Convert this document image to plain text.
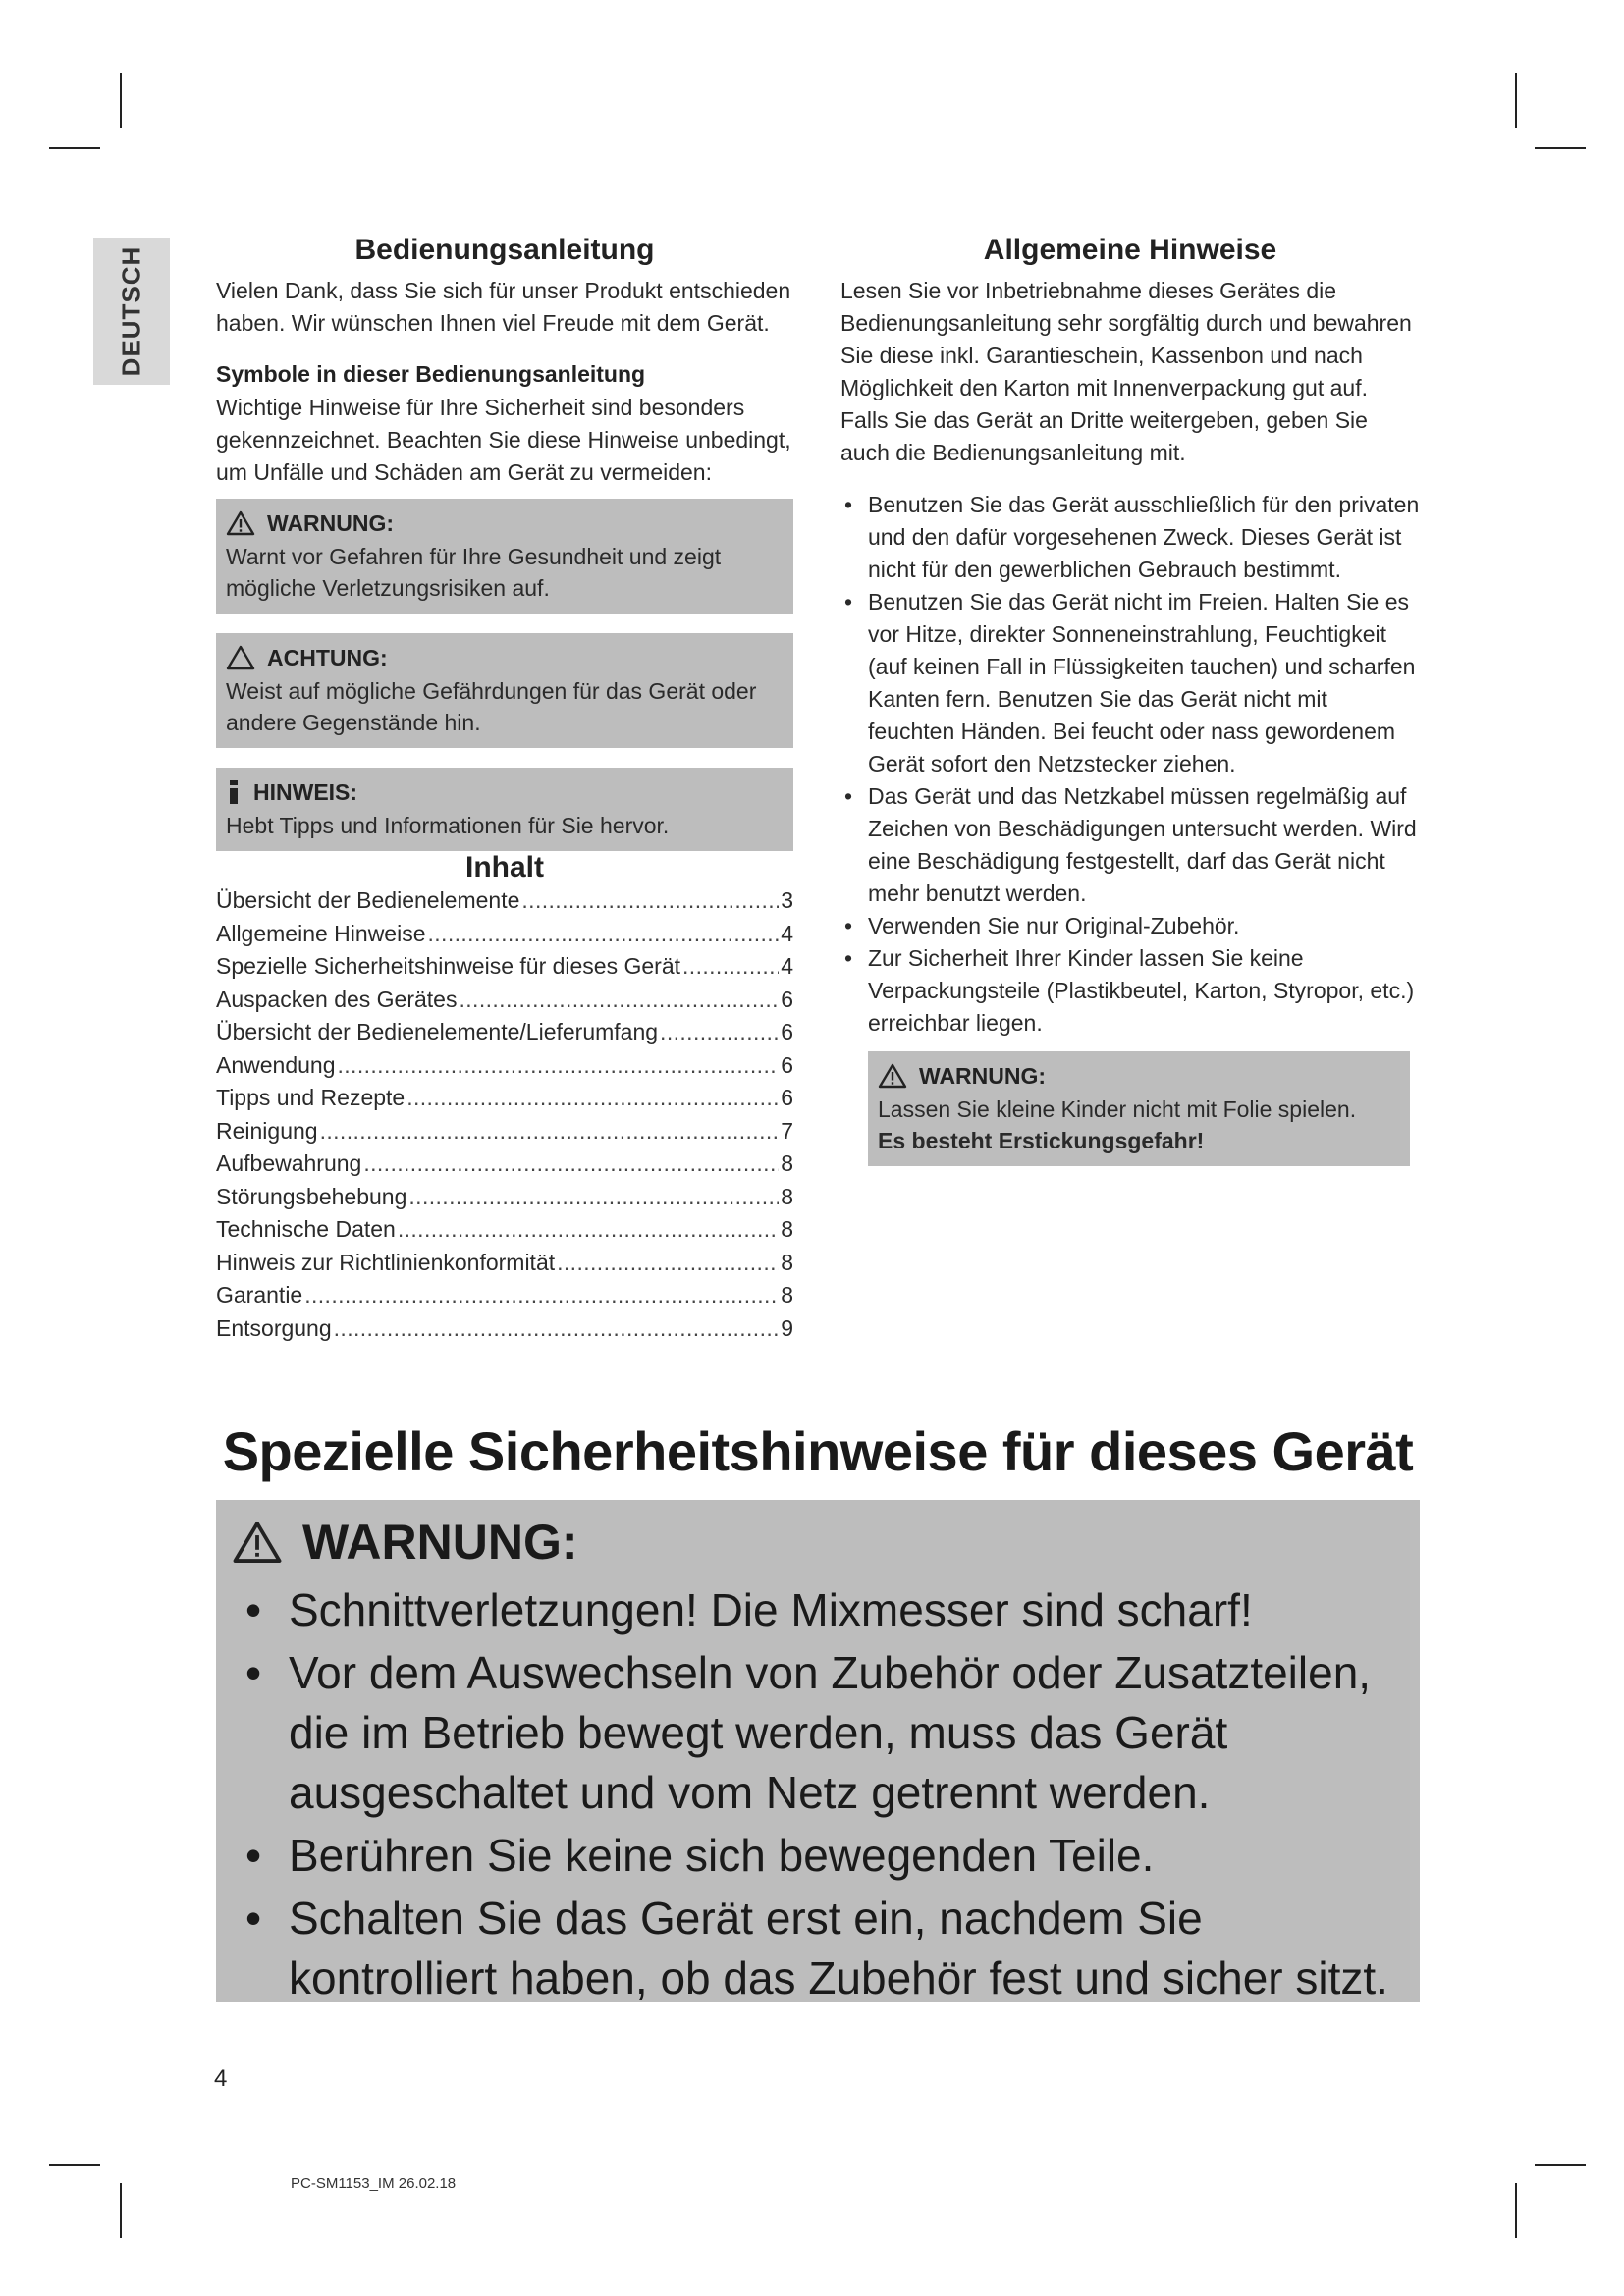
DEUTSCH	Bedienungsanleitung

Vielen Dank, dass Sie sich für unser Produkt entschieden haben. Wir wünschen Ihnen viel Freude mit dem Gerät.

Symbole in dieser Bedienungsanleitung

Wichtige Hinweise für Ihre Sicherheit sind besonders gekennzeichnet. Beachten Sie diese Hinweise unbedingt, um Unfälle und Schäden am Gerät zu vermeiden:

WARNUNG:
Warnt vor Gefahren für Ihre Gesundheit und zeigt mögliche Verletzungsrisiken auf.
ACHTUNG:
Weist auf mögliche Gefährdungen für das Gerät oder andere Gegenstände hin.
HINWEIS:
Hebt Tipps und Informationen für Sie hervor.
Inhalt
Übersicht der Bedienelemente . . .	3
Allgemeine Hinweise . . .	4
Spezielle Sicherheitshinweise für dieses Gerät . . .	4
Auspacken des Gerätes . . .	6
Übersicht der Bedienelemente/Lieferumfang . . .	6
Anwendung . . .	6
Tipps und Rezepte . . .	6
Reinigung . . .	7
Aufbewahrung . . .	8
Störungsbehebung . . .	8
Technische Daten . . .	8
Hinweis zur Richtlinienkonformität . . .	8
Garantie . . .	8
Entsorgung . . .	9
Allgemeine Hinweise

Lesen Sie vor Inbetriebnahme dieses Gerätes die Bedienungsanleitung sehr sorgfältig durch und bewahren Sie diese inkl. Garantieschein, Kassenbon und nach Möglichkeit den Karton mit Innenverpackung gut auf. Falls Sie das Gerät an Dritte weitergeben, geben Sie auch die Bedienungsanleitung mit.

• Benutzen Sie das Gerät ausschließlich für den privaten und den dafür vorgesehenen Zweck. Dieses Gerät ist nicht für den gewerblichen Gebrauch bestimmt.
• Benutzen Sie das Gerät nicht im Freien. Halten Sie es vor Hitze, direkter Sonneneinstrahlung, Feuchtigkeit (auf keinen Fall in Flüssigkeiten tauchen) und scharfen Kanten fern. Benutzen Sie das Gerät nicht mit feuchten Händen. Bei feucht oder nass gewordenem Gerät sofort den Netzstecker ziehen.
• Das Gerät und das Netzkabel müssen regelmäßig auf Zeichen von Beschädigungen untersucht werden. Wird eine Beschädigung festgestellt, darf das Gerät nicht mehr benutzt werden.
• Verwenden Sie nur Original-Zubehör.
• Zur Sicherheit Ihrer Kinder lassen Sie keine Verpackungsteile (Plastikbeutel, Karton, Styropor, etc.) erreichbar liegen.
WARNUNG:
Lassen Sie kleine Kinder nicht mit Folie spielen.
Es besteht Erstickungsgefahr!
Spezielle Sicherheitshinweise für dieses Gerät
WARNUNG:
• Schnittverletzungen! Die Mixmesser sind scharf!
• Vor dem Auswechseln von Zubehör oder Zusatzteilen, die im Betrieb bewegt werden, muss das Gerät ausgeschaltet und vom Netz getrennt werden.
• Berühren Sie keine sich bewegenden Teile.
• Schalten Sie das Gerät erst ein, nachdem Sie kontrolliert haben, ob das Zubehör fest und sicher sitzt.
4
PC-SM1153_IM 26.02.18
